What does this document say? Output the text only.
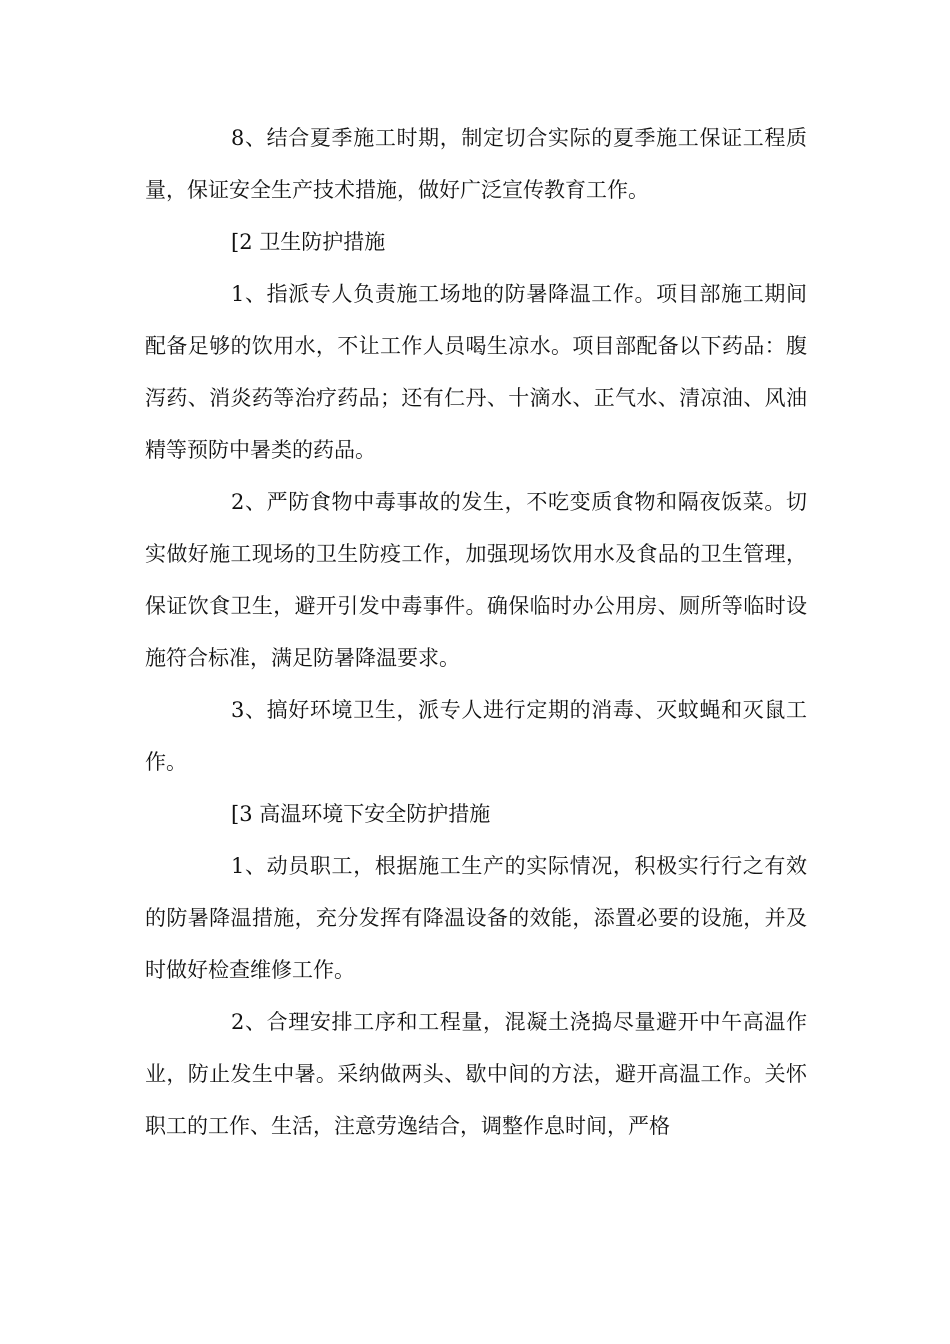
8、结合夏季施工时期，制定切合实际的夏季施工保证工程质量，保证安全生产技术措施，做好广泛宣传教育工作。

[2 卫生防护措施

1、指派专人负责施工场地的防暑降温工作。项目部施工期间配备足够的饮用水，不让工作人员喝生凉水。项目部配备以下药品：腹泻药、消炎药等治疗药品；还有仁丹、十滴水、正气水、清凉油、风油精等预防中暑类的药品。

2、严防食物中毒事故的发生，不吃变质食物和隔夜饭菜。切实做好施工现场的卫生防疫工作，加强现场饮用水及食品的卫生管理，保证饮食卫生，避开引发中毒事件。确保临时办公用房、厕所等临时设施符合标准，满足防暑降温要求。

3、搞好环境卫生，派专人进行定期的消毒、灭蚊蝇和灭鼠工作。

[3 高温环境下安全防护措施

1、动员职工，根据施工生产的实际情况，积极实行行之有效的防暑降温措施，充分发挥有降温设备的效能，添置必要的设施，并及时做好检查维修工作。

2、合理安排工序和工程量，混凝土浇捣尽量避开中午高温作业，防止发生中暑。采纳做两头、歇中间的方法，避开高温工作。关怀职工的工作、生活，注意劳逸结合，调整作息时间，严格
